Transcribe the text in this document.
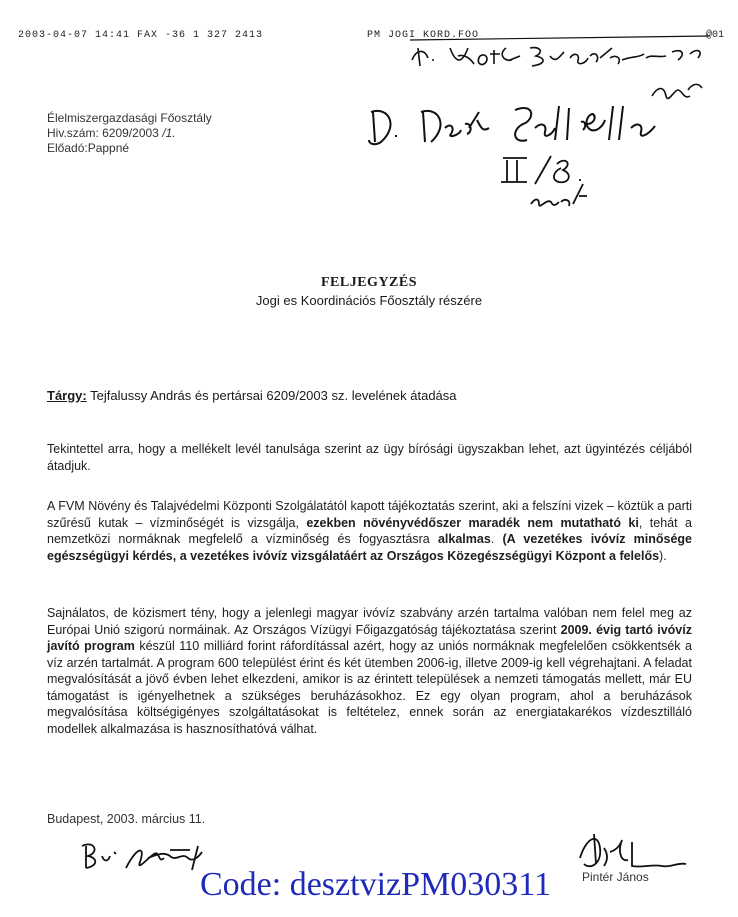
2003-04-07 14:41 FAX -36 1 327 2413	PM JOGI KORD.FOO	@01
Élelmiszergazdasági Főosztály
Hiv.szám: 6209/2003 /1.
Előadó:Pappné
FELJEGYZÉS
Jogi es Koordinációs Főosztály részére
Tárgy: Tejfalussy András és pertársai 6209/2003 sz. levelének átadása
Tekintettel arra, hogy a mellékelt levél tanulsága szerint az ügy bírósági ügyszakban lehet, azt ügyintézés céljából átadjuk.
A FVM Növény és Talajvédelmi Központi Szolgálatától kapott tájékoztatás szerint, aki a felszíni vizek – köztük a parti szűrésű kutak – vízminőségét is vizsgálja, ezekben növényvédőszer maradék nem mutatható ki, tehát a nemzetközi normáknak megfelelő a vízminőség és fogyasztásra alkalmas. (A vezetékes ivóvíz minősége egészségügyi kérdés, a vezetékes ivóvíz vizsgálatáért az Országos Közegészségügyi Központ a felelős).
Sajnálatos, de közismert tény, hogy a jelenlegi magyar ivóvíz szabvány arzén tartalma valóban nem felel meg az Európai Unió szigorú normáinak. Az Országos Vízügyi Főigazgatóság tájékoztatása szerint 2009. évig tartó ivóvíz javító program készül 110 milliárd forint ráfordítással azért, hogy az uniós normáknak megfelelően csökkentsék a víz arzén tartalmát. A program 600 települést érint és két ütemben 2006-ig, illetve 2009-ig kell végrehajtani. A feladat megvalósítását a jövő évben lehet elkezdeni, amikor is az érintett települések a nemzeti támogatás mellett, már EU támogatást is igényelhetnek a szükséges beruházásokhoz. Ez egy olyan program, ahol a beruházások megvalósítása költségigényes szolgáltatásokat is feltételez, ennek során az energiatakarékos vízdesztilláló modellek alkalmazása is hasznosíthatóvá válhat.
Budapest, 2003. március 11.
Pintér János
Code: desztvizPM030311
